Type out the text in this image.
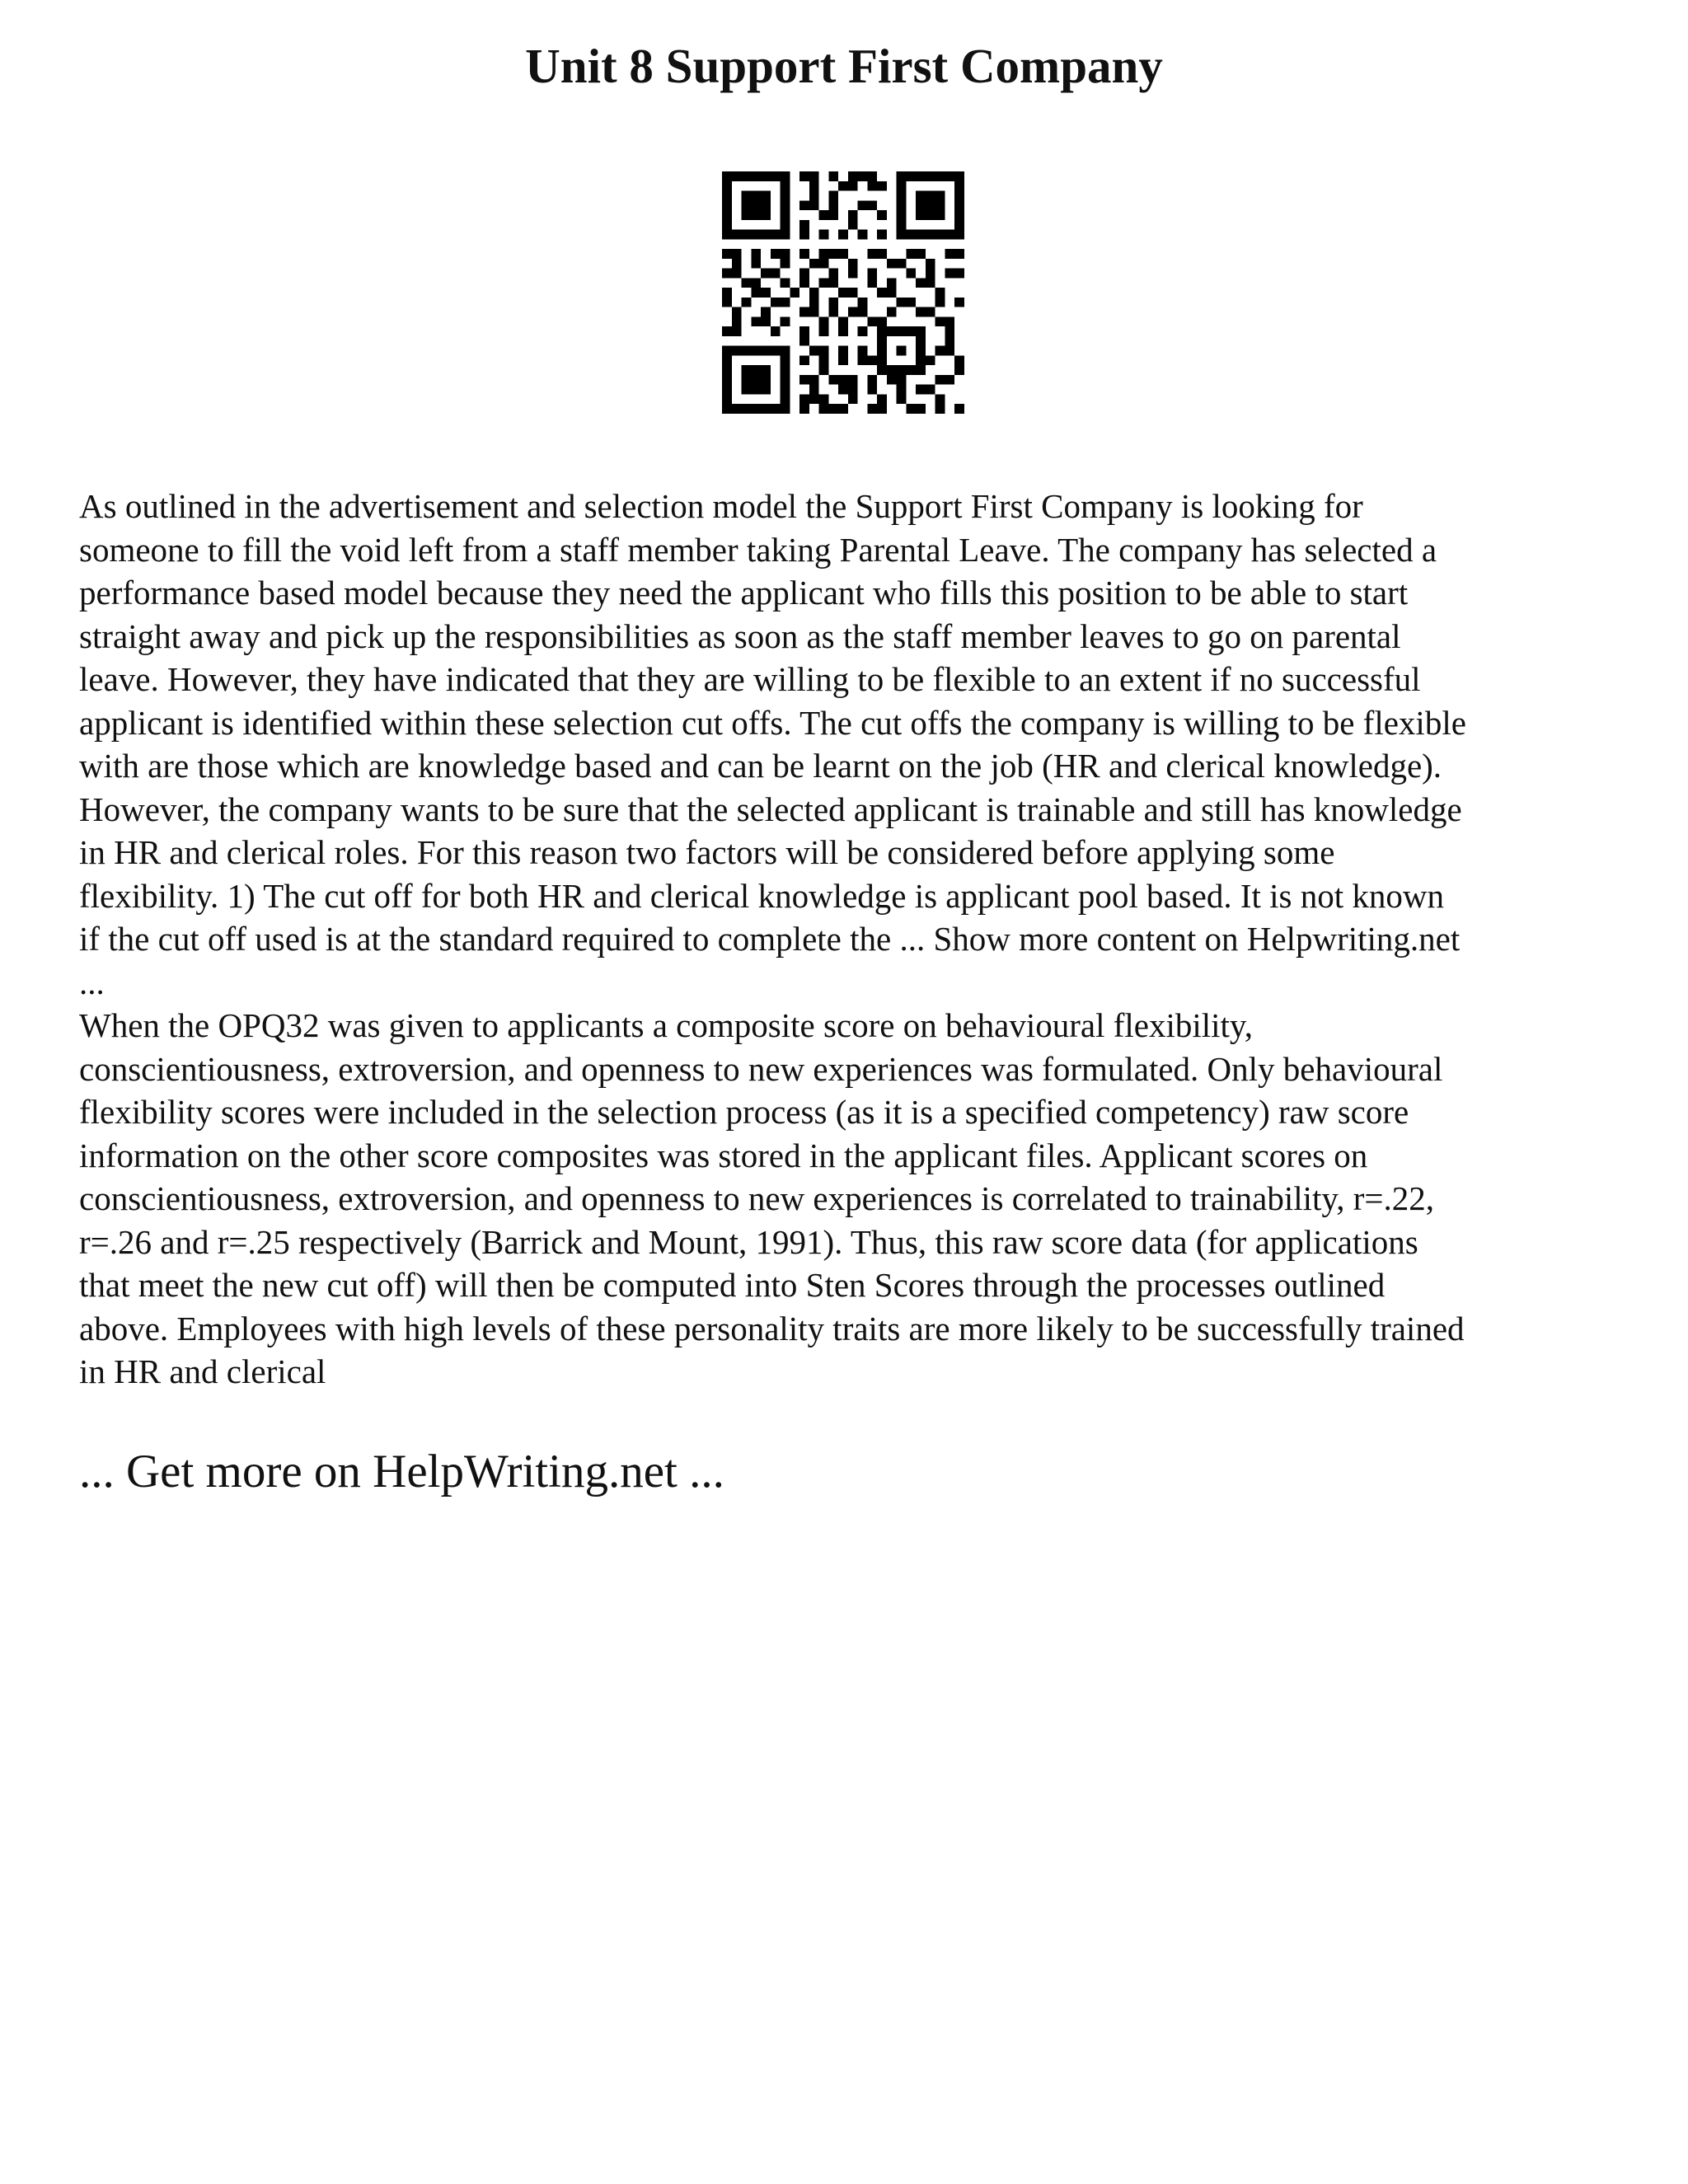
Unit 8 Support First Company

As outlined in the advertisement and selection model the Support First Company is looking for
someone to fill the void left from a staff member taking Parental Leave. The company has selected a
performance based model because they need the applicant who fills this position to be able to start
straight away and pick up the responsibilities as soon as the staff member leaves to go on parental
leave. However, they have indicated that they are willing to be flexible to an extent if no successful
applicant is identified within these selection cut offs. The cut offs the company is willing to be flexible
with are those which are knowledge based and can be learnt on the job (HR and clerical knowledge).
However, the company wants to be sure that the selected applicant is trainable and still has knowledge
in HR and clerical roles. For this reason two factors will be considered before applying some
flexibility. 1) The cut off for both HR and clerical knowledge is applicant pool based. It is not known
if the cut off used is at the standard required to complete the ... Show more content on Helpwriting.net
...

When the OPQ32 was given to applicants a composite score on behavioural flexibility,
conscientiousness, extroversion, and openness to new experiences was formulated. Only behavioural
flexibility scores were included in the selection process (as it is a specified competency) raw score
information on the other score composites was stored in the applicant files. Applicant scores on
conscientiousness, extroversion, and openness to new experiences is correlated to trainability, r=.22,
r=.26 and r=.25 respectively (Barrick and Mount, 1991). Thus, this raw score data (for applications
that meet the new cut off) will then be computed into Sten Scores through the processes outlined
above. Employees with high levels of these personality traits are more likely to be successfully trained
in HR and clerical

... Get more on HelpWriting.net ...
